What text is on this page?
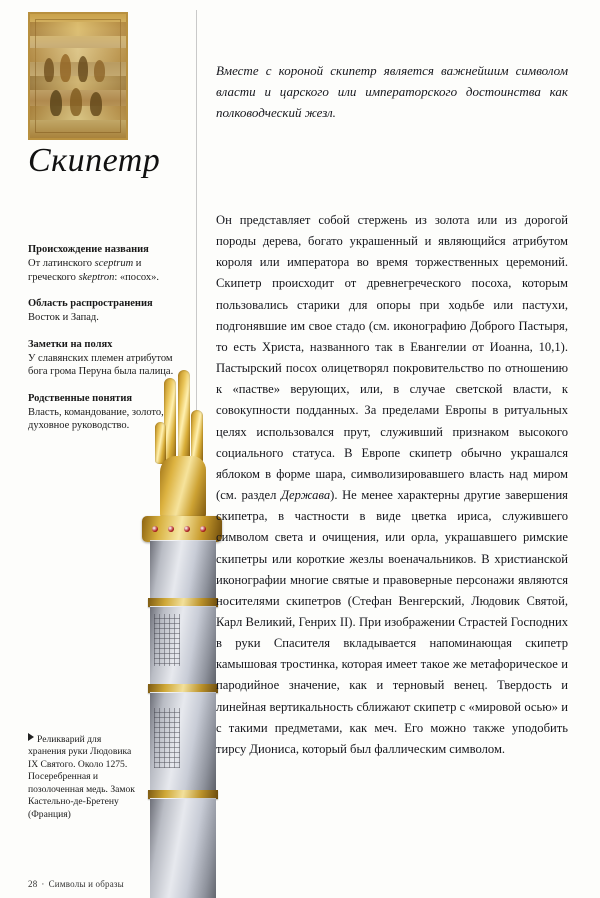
Скипетр
Вместе с короной скипетр является важнейшим символом власти и царского или императорского достоинства как полководческий жезл.
Происхождение названия
От латинского sceptrum и греческого skeptron: «посох».
Область распространения
Восток и Запад.
Заметки на полях
У славянских племен атрибутом бога грома Перуна была палица.
Родственные понятия
Власть, командование, золото, духовное руководство.
Реликварий для хранения руки Людовика IX Святого. Около 1275. Посеребренная и позолоченная медь. Замок Кастельно-де-Бретену (Франция)
Он представляет собой стержень из золота или из дорогой породы дерева, богато украшенный и являющийся атрибутом короля или императора во время торжественных церемоний. Скипетр происходит от древнегреческого посоха, которым пользовались старики для опоры при ходьбе или пастухи, подгонявшие им свое стадо (см. иконографию Доброго Пастыря, то есть Христа, названного так в Евангелии от Иоанна, 10,1). Пастырский посох олицетворял покровительство по отношению к «пастве» верующих, или, в случае светской власти, к совокупности подданных. За пределами Европы в ритуальных целях использовался прут, служивший признаком высокого социального статуса. В Европе скипетр обычно украшался яблоком в форме шара, символизировавшего власть над миром (см. раздел Держава). Не менее характерны другие завершения скипетра, в частности в виде цветка ириса, служившего символом света и очищения, или орла, украшавшего римские скипетры или короткие жезлы военачальников. В христианской иконографии многие святые и правоверные персонажи являются носителями скипетров (Стефан Венгерский, Людовик Святой, Карл Великий, Генрих II). При изображении Страстей Господних в руки Спасителя вкладывается напоминающая скипетр камышовая тростинка, которая имеет такое же метафорическое и пародийное значение, как и терновый венец. Твердость и линейная вертикальность сближают скипетр с «мировой осью» и с такими предметами, как меч. Его можно также уподобить тирсу Диониса, который был фаллическим символом.
28 · Символы и образы
